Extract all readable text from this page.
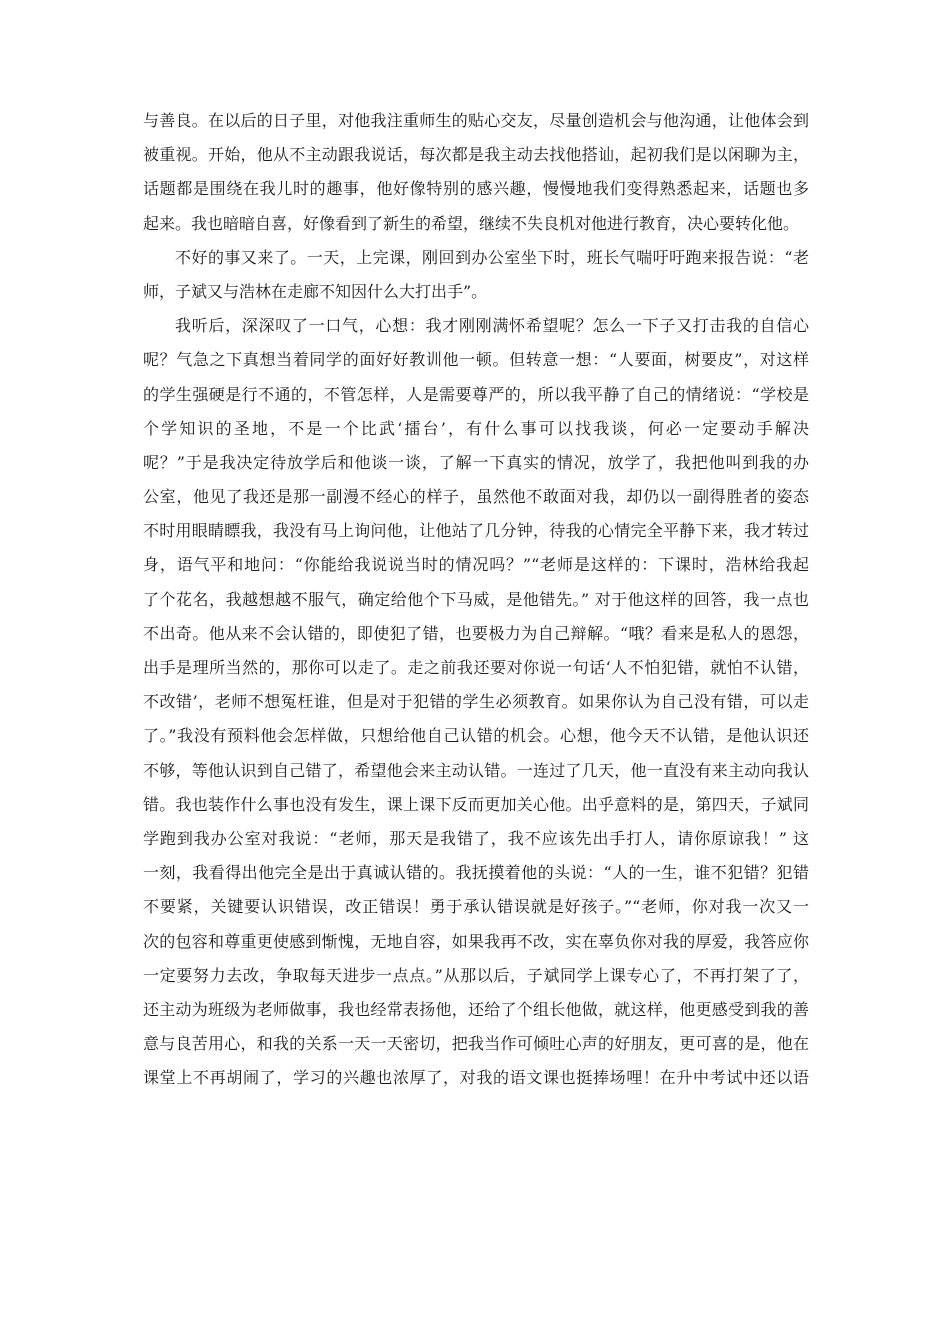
与善良。在以后的日子里，对他我注重师生的贴心交友，尽量创造机会与他沟通，让他体会到
被重视。开始，他从不主动跟我说话，每次都是我主动去找他搭讪，起初我们是以闲聊为主，
话题都是围绕在我儿时的趣事，他好像特别的感兴趣，慢慢地我们变得熟悉起来，话题也多
起来。我也暗暗自喜，好像看到了新生的希望，继续不失良机对他进行教育，决心要转化他。
不好的事又来了。一天，上完课，刚回到办公室坐下时，班长气喘吁吁跑来报告说：“老
师，子斌又与浩林在走廊不知因什么大打出手”。
我听后，深深叹了一口气，心想：我才刚刚满怀希望呢？怎么一下子又打击我的自信心
呢？气急之下真想当着同学的面好好教训他一顿。但转意一想：“人要面，树要皮”，对这样
的学生强硬是行不通的，不管怎样，人是需要尊严的，所以我平静了自己的情绪说：“学校是
个学知识的圣地，不是一个比武‘擂台’，有什么事可以找我谈，何必一定要动手解决
呢？”于是我决定待放学后和他谈一谈，了解一下真实的情况，放学了，我把他叫到我的办
公室，他见了我还是那一副漫不经心的样子，虽然他不敢面对我，却仍以一副得胜者的姿态
不时用眼睛瞟我，我没有马上询问他，让他站了几分钟，待我的心情完全平静下来，我才转过
身，语气平和地问：“你能给我说说当时的情况吗？”“老师是这样的：下课时，浩林给我起
了个花名，我越想越不服气，确定给他个下马威，是他错先。” 对于他这样的回答，我一点也
不出奇。他从来不会认错的，即使犯了错，也要极力为自己辩解。“哦？看来是私人的恩怨，
出手是理所当然的，那你可以走了。走之前我还要对你说一句话‘人不怕犯错，就怕不认错，
不改错’，老师不想冤枉谁，但是对于犯错的学生必须教育。如果你认为自己没有错，可以走
了。”我没有预料他会怎样做，只想给他自己认错的机会。心想，他今天不认错，是他认识还
不够，等他认识到自己错了，希望他会来主动认错。一连过了几天，他一直没有来主动向我认
错。我也装作什么事也没有发生，课上课下反而更加关心他。出乎意料的是，第四天，子斌同
学跑到我办公室对我说：“老师，那天是我错了，我不应该先出手打人，请你原谅我！” 这
一刻，我看得出他完全是出于真诚认错的。我抚摸着他的头说：“人的一生，谁不犯错？犯错
不要紧，关键要认识错误，改正错误！勇于承认错误就是好孩子。”“老师，你对我一次又一
次的包容和尊重更使感到惭愧，无地自容，如果我再不改，实在辜负你对我的厚爱，我答应你
一定要努力去改，争取每天进步一点点。”从那以后，子斌同学上课专心了，不再打架了了，
还主动为班级为老师做事，我也经常表扬他，还给了个组长他做，就这样，他更感受到我的善
意与良苦用心，和我的关系一天一天密切，把我当作可倾吐心声的好朋友，更可喜的是，他在
课堂上不再胡闹了，学习的兴趣也浓厚了，对我的语文课也挺捧场哩！在升中考试中还以语
